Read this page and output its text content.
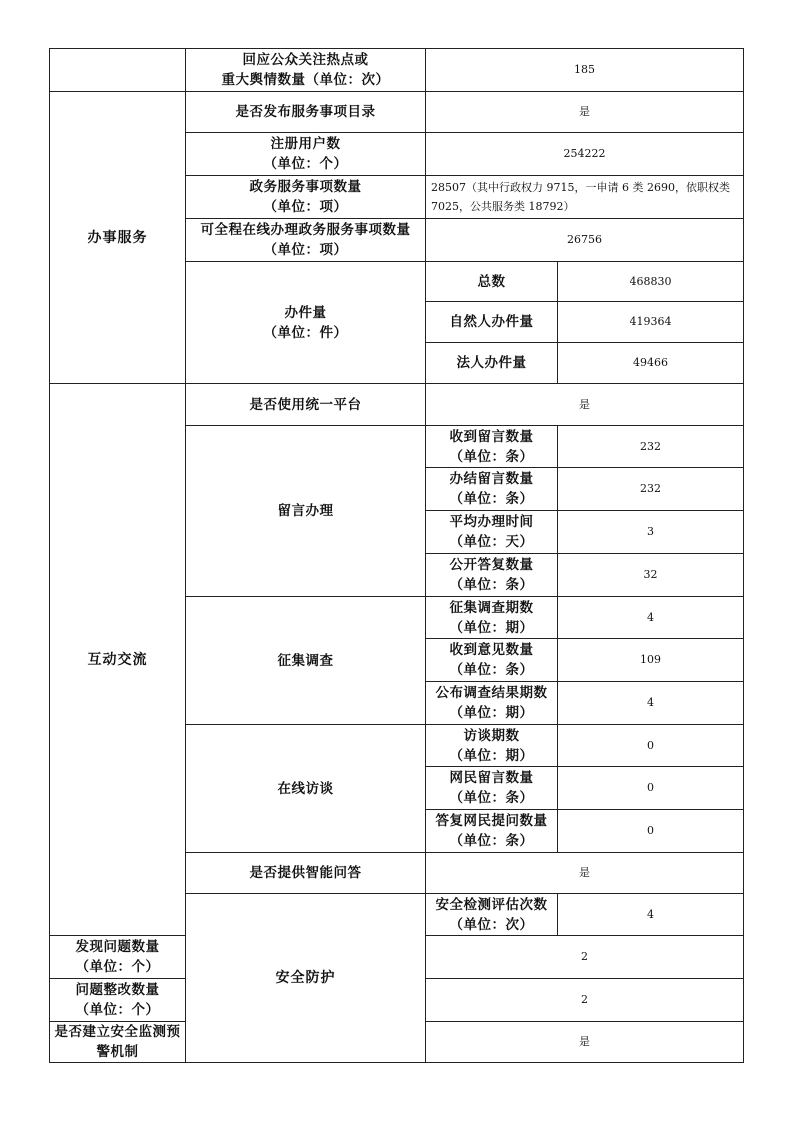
	回应公众关注热点或
重大舆情数量（单位：次）	185	
办事服务	是否发布服务事项目录	是	

	注册用户数
（单位：个）	254222	

	政务服务事项数量
（单位：项）	28507（其中行政权力 9715，一申请 6 类 2690，依职权类
7025，公共服务类 18792）	

	可全程在线办理政务服务事项数量
（单位：项）	26756	

	办件量
（单位：件）	总数	468830
		自然人办件量	419364
		法人办件量	49466
互动交流	是否使用统一平台	是	
	留言办理	收到留言数量
（单位：条）	232

		办结留言数量
（单位：条）	232

		平均办理时间
（单位：天）	3

		公开答复数量
（单位：条）	32
	征集调查	征集调查期数
（单位：期）	4

		收到意见数量
（单位：条）	109

		公布调查结果期数
（单位：期）	4
	在线访谈	访谈期数
（单位：期）	0

		网民留言数量
（单位：条）	0

		答复网民提问数量
（单位：条）	0
	是否提供智能问答	是	
	安全防护	安全检测评估次数
（单位：次）	4

发现问题数量
（单位：个）		2	

问题整改数量
（单位：个）		2	
是否建立安全监测预警机制		是	
